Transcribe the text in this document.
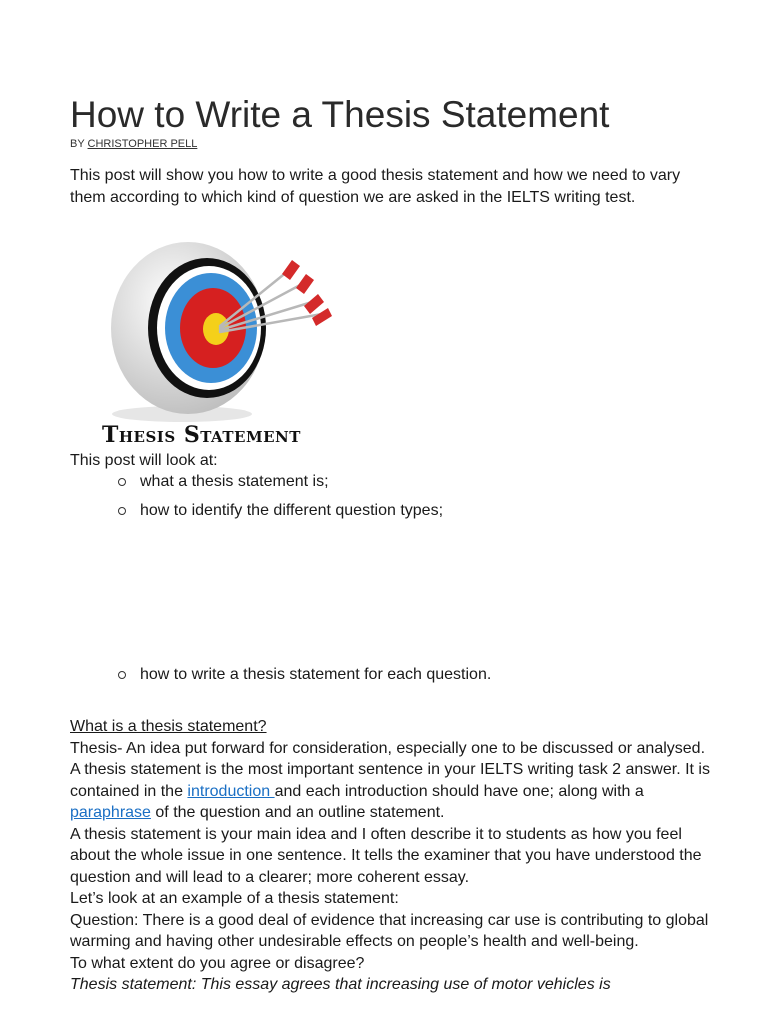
How to Write a Thesis Statement
BY CHRISTOPHER PELL

This post will show you how to write a good thesis statement and how we need to vary them according to which kind of question we are asked in the IELTS writing test.

Thesis Statement

This post will look at:

what a thesis statement is;
how to identify the different question types;
how to write a thesis statement for each question.

What is a thesis statement?

Thesis- An idea put forward for consideration, especially one to be discussed or analysed.

A thesis statement is the most important sentence in your IELTS writing task 2 answer. It is contained in the introduction and each introduction should have one; along with a paraphrase of the question and an outline statement.

A thesis statement is your main idea and I often describe it to students as how you feel about the whole issue in one sentence. It tells the examiner that you have understood the question and will lead to a clearer; more coherent essay.

Let’s look at an example of a thesis statement:

Question: There is a good deal of evidence that increasing car use is contributing to global warming and having other undesirable effects on people’s health and well-being.

To what extent do you agree or disagree?

Thesis statement: This essay agrees that increasing use of motor vehicles is
